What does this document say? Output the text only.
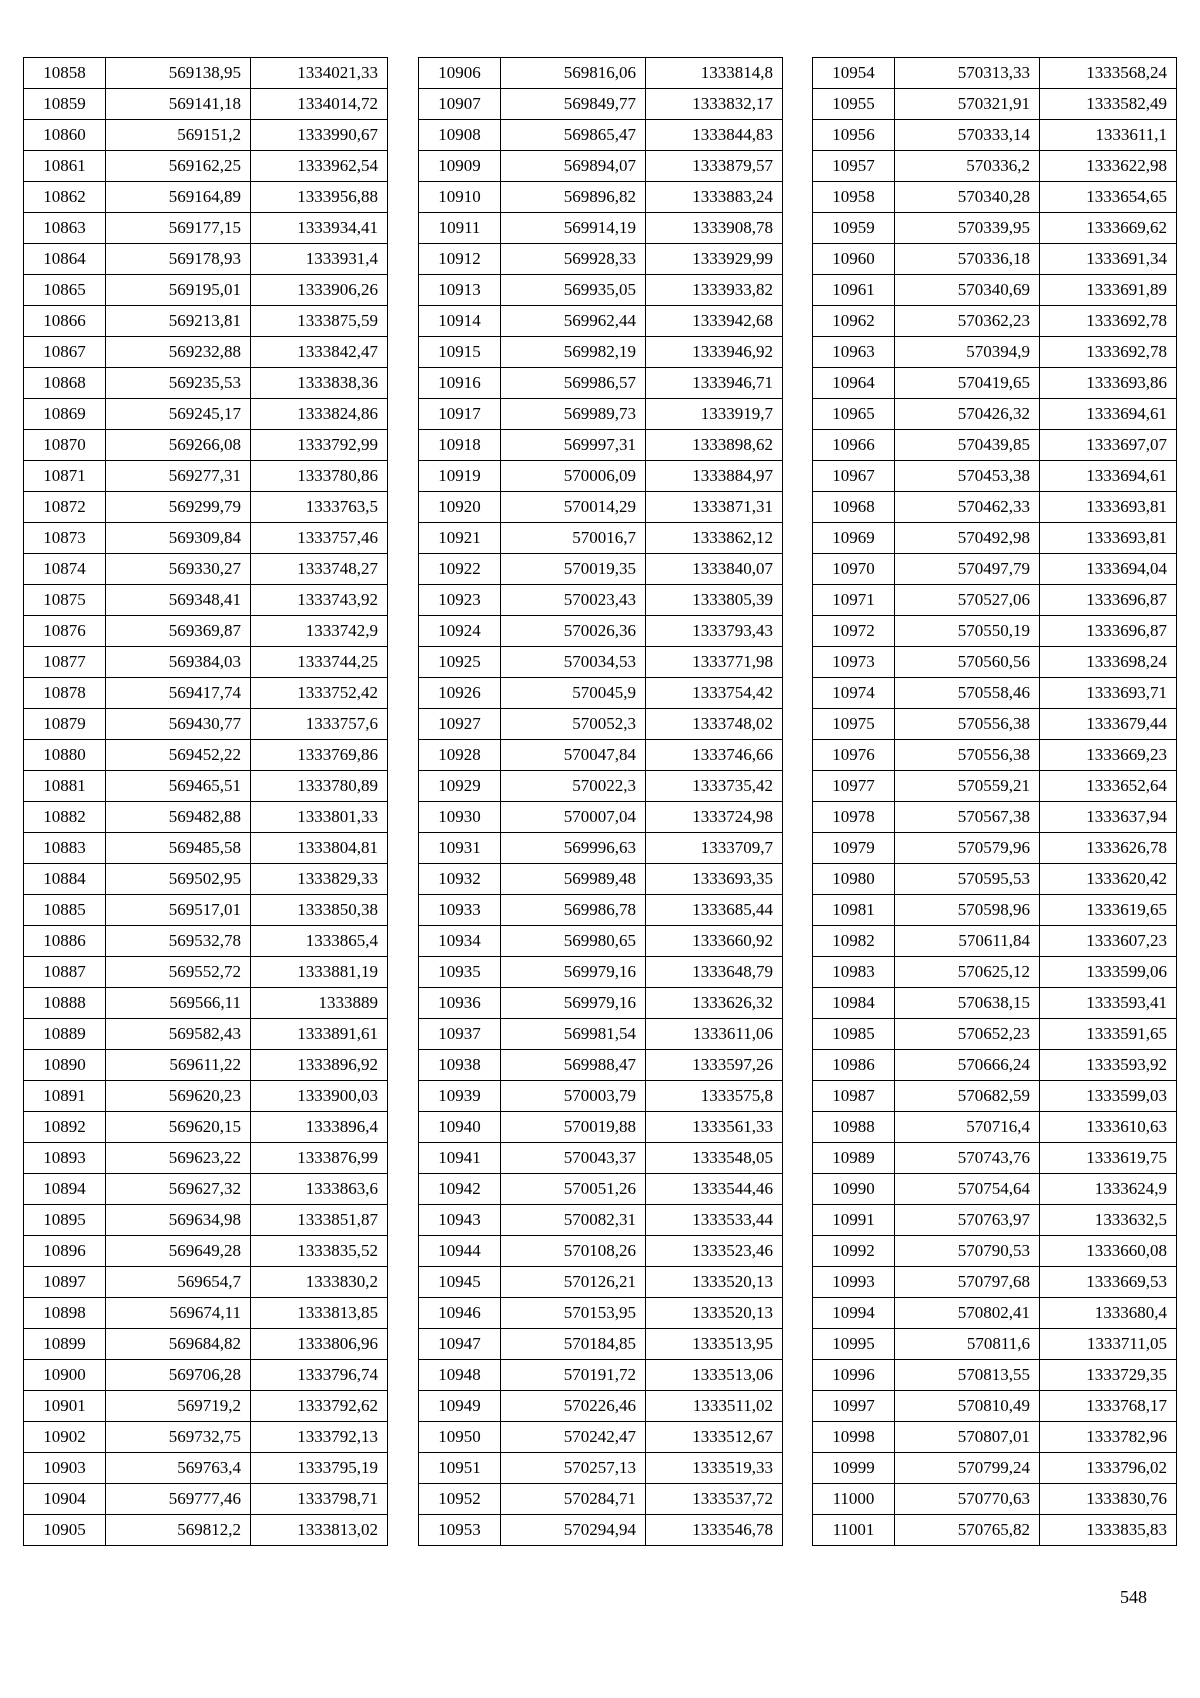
10858	569138,95	1334021,33
10859	569141,18	1334014,72
10860	569151,2	1333990,67
10861	569162,25	1333962,54
10862	569164,89	1333956,88
10863	569177,15	1333934,41
10864	569178,93	1333931,4
10865	569195,01	1333906,26
10866	569213,81	1333875,59
10867	569232,88	1333842,47
10868	569235,53	1333838,36
10869	569245,17	1333824,86
10870	569266,08	1333792,99
10871	569277,31	1333780,86
10872	569299,79	1333763,5
10873	569309,84	1333757,46
10874	569330,27	1333748,27
10875	569348,41	1333743,92
10876	569369,87	1333742,9
10877	569384,03	1333744,25
10878	569417,74	1333752,42
10879	569430,77	1333757,6
10880	569452,22	1333769,86
10881	569465,51	1333780,89
10882	569482,88	1333801,33
10883	569485,58	1333804,81
10884	569502,95	1333829,33
10885	569517,01	1333850,38
10886	569532,78	1333865,4
10887	569552,72	1333881,19
10888	569566,11	1333889
10889	569582,43	1333891,61
10890	569611,22	1333896,92
10891	569620,23	1333900,03
10892	569620,15	1333896,4
10893	569623,22	1333876,99
10894	569627,32	1333863,6
10895	569634,98	1333851,87
10896	569649,28	1333835,52
10897	569654,7	1333830,2
10898	569674,11	1333813,85
10899	569684,82	1333806,96
10900	569706,28	1333796,74
10901	569719,2	1333792,62
10902	569732,75	1333792,13
10903	569763,4	1333795,19
10904	569777,46	1333798,71
10905	569812,2	1333813,02
10906	569816,06	1333814,8
10907	569849,77	1333832,17
10908	569865,47	1333844,83
10909	569894,07	1333879,57
10910	569896,82	1333883,24
10911	569914,19	1333908,78
10912	569928,33	1333929,99
10913	569935,05	1333933,82
10914	569962,44	1333942,68
10915	569982,19	1333946,92
10916	569986,57	1333946,71
10917	569989,73	1333919,7
10918	569997,31	1333898,62
10919	570006,09	1333884,97
10920	570014,29	1333871,31
10921	570016,7	1333862,12
10922	570019,35	1333840,07
10923	570023,43	1333805,39
10924	570026,36	1333793,43
10925	570034,53	1333771,98
10926	570045,9	1333754,42
10927	570052,3	1333748,02
10928	570047,84	1333746,66
10929	570022,3	1333735,42
10930	570007,04	1333724,98
10931	569996,63	1333709,7
10932	569989,48	1333693,35
10933	569986,78	1333685,44
10934	569980,65	1333660,92
10935	569979,16	1333648,79
10936	569979,16	1333626,32
10937	569981,54	1333611,06
10938	569988,47	1333597,26
10939	570003,79	1333575,8
10940	570019,88	1333561,33
10941	570043,37	1333548,05
10942	570051,26	1333544,46
10943	570082,31	1333533,44
10944	570108,26	1333523,46
10945	570126,21	1333520,13
10946	570153,95	1333520,13
10947	570184,85	1333513,95
10948	570191,72	1333513,06
10949	570226,46	1333511,02
10950	570242,47	1333512,67
10951	570257,13	1333519,33
10952	570284,71	1333537,72
10953	570294,94	1333546,78
10954	570313,33	1333568,24
10955	570321,91	1333582,49
10956	570333,14	1333611,1
10957	570336,2	1333622,98
10958	570340,28	1333654,65
10959	570339,95	1333669,62
10960	570336,18	1333691,34
10961	570340,69	1333691,89
10962	570362,23	1333692,78
10963	570394,9	1333692,78
10964	570419,65	1333693,86
10965	570426,32	1333694,61
10966	570439,85	1333697,07
10967	570453,38	1333694,61
10968	570462,33	1333693,81
10969	570492,98	1333693,81
10970	570497,79	1333694,04
10971	570527,06	1333696,87
10972	570550,19	1333696,87
10973	570560,56	1333698,24
10974	570558,46	1333693,71
10975	570556,38	1333679,44
10976	570556,38	1333669,23
10977	570559,21	1333652,64
10978	570567,38	1333637,94
10979	570579,96	1333626,78
10980	570595,53	1333620,42
10981	570598,96	1333619,65
10982	570611,84	1333607,23
10983	570625,12	1333599,06
10984	570638,15	1333593,41
10985	570652,23	1333591,65
10986	570666,24	1333593,92
10987	570682,59	1333599,03
10988	570716,4	1333610,63
10989	570743,76	1333619,75
10990	570754,64	1333624,9
10991	570763,97	1333632,5
10992	570790,53	1333660,08
10993	570797,68	1333669,53
10994	570802,41	1333680,4
10995	570811,6	1333711,05
10996	570813,55	1333729,35
10997	570810,49	1333768,17
10998	570807,01	1333782,96
10999	570799,24	1333796,02
11000	570770,63	1333830,76
11001	570765,82	1333835,83
548
